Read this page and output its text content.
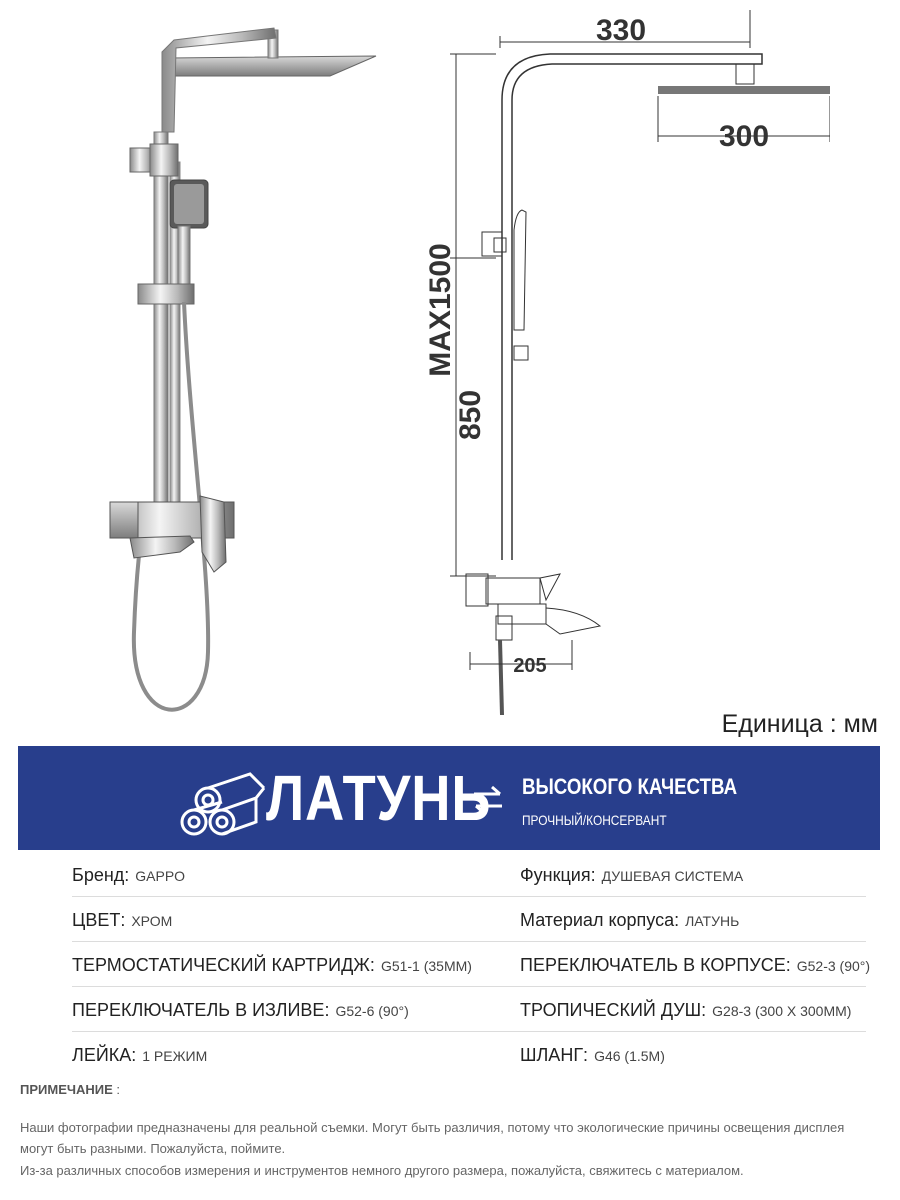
330
300
MAX1500
850
205
Единица : мм
ЛАТУНЬ ВЫСОКОГО КАЧЕСТВА
ПРОЧНЫЙ/КОНСЕРВАНТ
Бренд: GAPPO	Функция: ДУШЕВАЯ СИСТЕМА
ЦВЕТ: ХРОМ	Материал корпуса: ЛАТУНЬ
ТЕРМОСТАТИЧЕСКИЙ КАРТРИДЖ: G51-1 (35ММ)	ПЕРЕКЛЮЧАТЕЛЬ В КОРПУСЕ: G52-3 (90°)
ПЕРЕКЛЮЧАТЕЛЬ В ИЗЛИВЕ: G52-6 (90°)	ТРОПИЧЕСКИЙ ДУШ: G28-3 (300 X 300MM)
ЛЕЙКА: 1 РЕЖИМ	ШЛАНГ: G46 (1.5M)
ПРИМЕЧАНИЕ :
Наши фотографии предназначены для реальной съемки. Могут быть различия, потому что экологические причины освещения дисплея могут быть разными. Пожалуйста, поймите.
Из-за различных способов измерения и инструментов немного другого размера, пожалуйста, свяжитесь с материалом.
